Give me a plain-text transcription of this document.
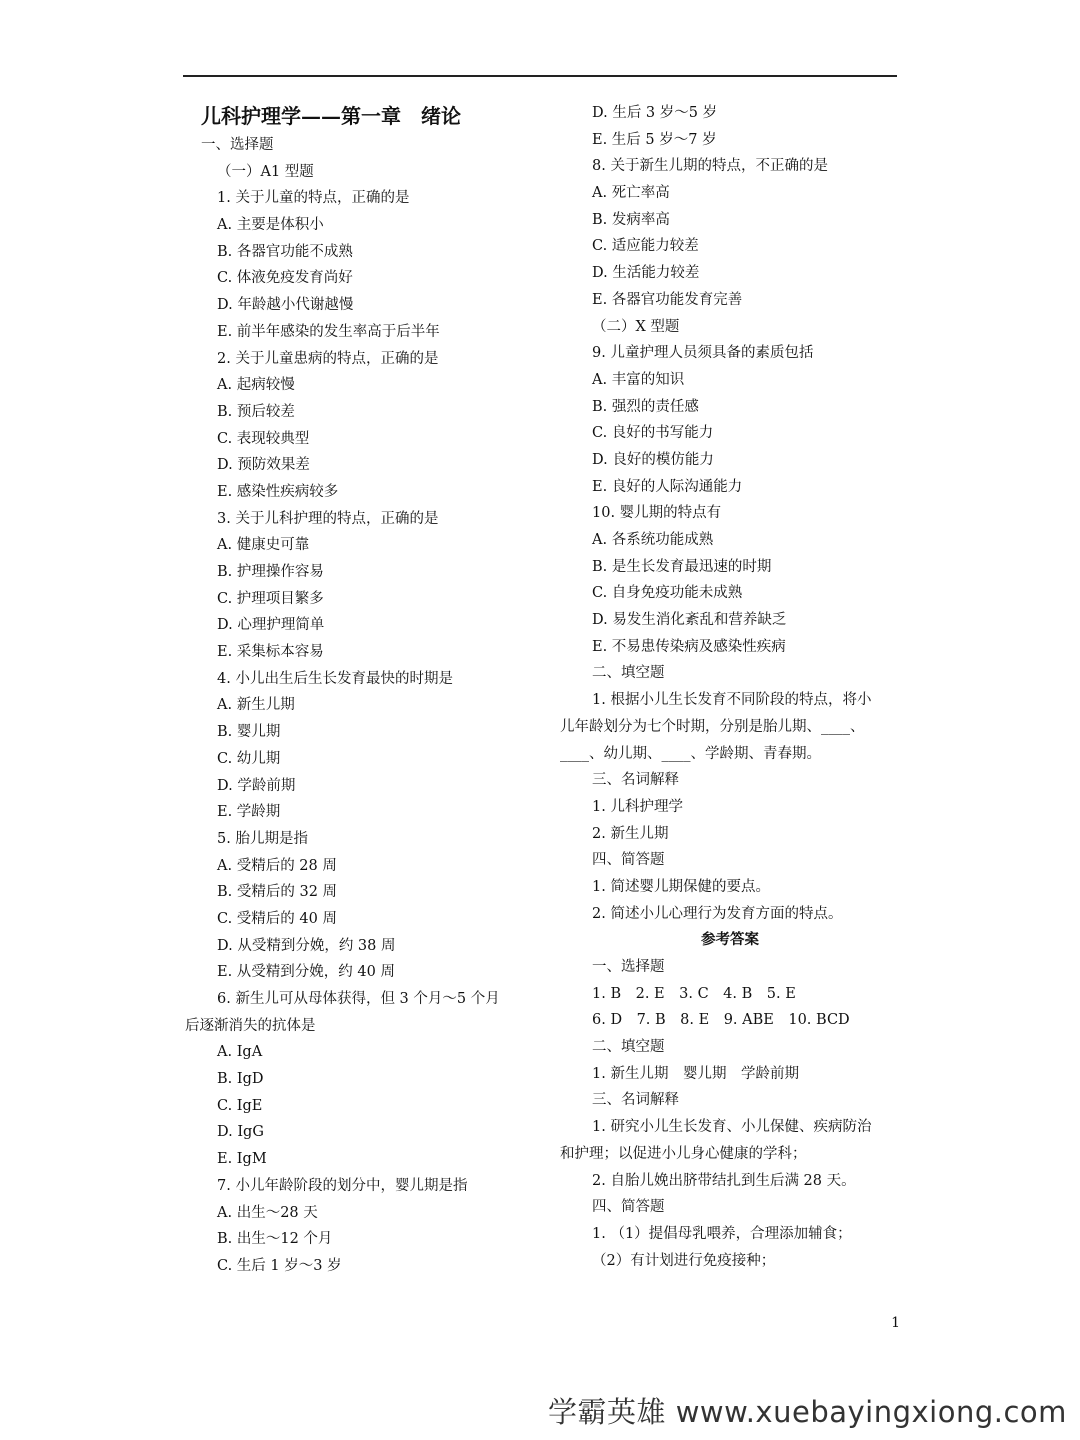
儿科护理学——第一章　绪论
一、选择题
（一）A1 型题
1. 关于儿童的特点，正确的是
A. 主要是体积小
B. 各器官功能不成熟
C. 体液免疫发育尚好
D. 年龄越小代谢越慢
E. 前半年感染的发生率高于后半年
2. 关于儿童患病的特点，正确的是
A. 起病较慢
B. 预后较差
C. 表现较典型
D. 预防效果差
E. 感染性疾病较多
3. 关于儿科护理的特点，正确的是
A. 健康史可靠
B. 护理操作容易
C. 护理项目繁多
D. 心理护理简单
E. 采集标本容易
4. 小儿出生后生长发育最快的时期是
A. 新生儿期
B. 婴儿期
C. 幼儿期
D. 学龄前期
E. 学龄期
5. 胎儿期是指
A. 受精后的 28 周
B. 受精后的 32 周
C. 受精后的 40 周
D. 从受精到分娩，约 38 周
E. 从受精到分娩，约 40 周
6. 新生儿可从母体获得，但 3 个月～5 个月
后逐渐消失的抗体是
A. IgA
B. IgD
C. IgE
D. IgG
E. IgM
7. 小儿年龄阶段的划分中，婴儿期是指
A. 出生～28 天
B. 出生～12 个月
C. 生后 1 岁～3 岁
D. 生后 3 岁～5 岁
E. 生后 5 岁～7 岁
8. 关于新生儿期的特点，不正确的是
A. 死亡率高
B. 发病率高
C. 适应能力较差
D. 生活能力较差
E. 各器官功能发育完善
（二）X 型题
9. 儿童护理人员须具备的素质包括
A. 丰富的知识
B. 强烈的责任感
C. 良好的书写能力
D. 良好的模仿能力
E. 良好的人际沟通能力
10. 婴儿期的特点有
A. 各系统功能成熟
B. 是生长发育最迅速的时期
C. 自身免疫功能未成熟
D. 易发生消化紊乱和营养缺乏
E. 不易患传染病及感染性疾病
二、填空题
1. 根据小儿生长发育不同阶段的特点，将小
儿年龄划分为七个时期，分别是胎儿期、____、
____、幼儿期、____、学龄期、青春期。
三、名词解释
1. 儿科护理学
2. 新生儿期
四、简答题
1. 简述婴儿期保健的要点。
2. 简述小儿心理行为发育方面的特点。
参考答案
一、选择题
1. B　2. E　3. C　4. B　5. E
6. D　7. B　8. E　9. ABE　10. BCD
二、填空题
1. 新生儿期　婴儿期　学龄前期
三、名词解释
1. 研究小儿生长发育、小儿保健、疾病防治
和护理；以促进小儿身心健康的学科；
2. 自胎儿娩出脐带结扎到生后满 28 天。
四、简答题
1. （1）提倡母乳喂养，合理添加辅食；
（2）有计划进行免疫接种；
1
学霸英雄 www.xuebayingxiong.com
